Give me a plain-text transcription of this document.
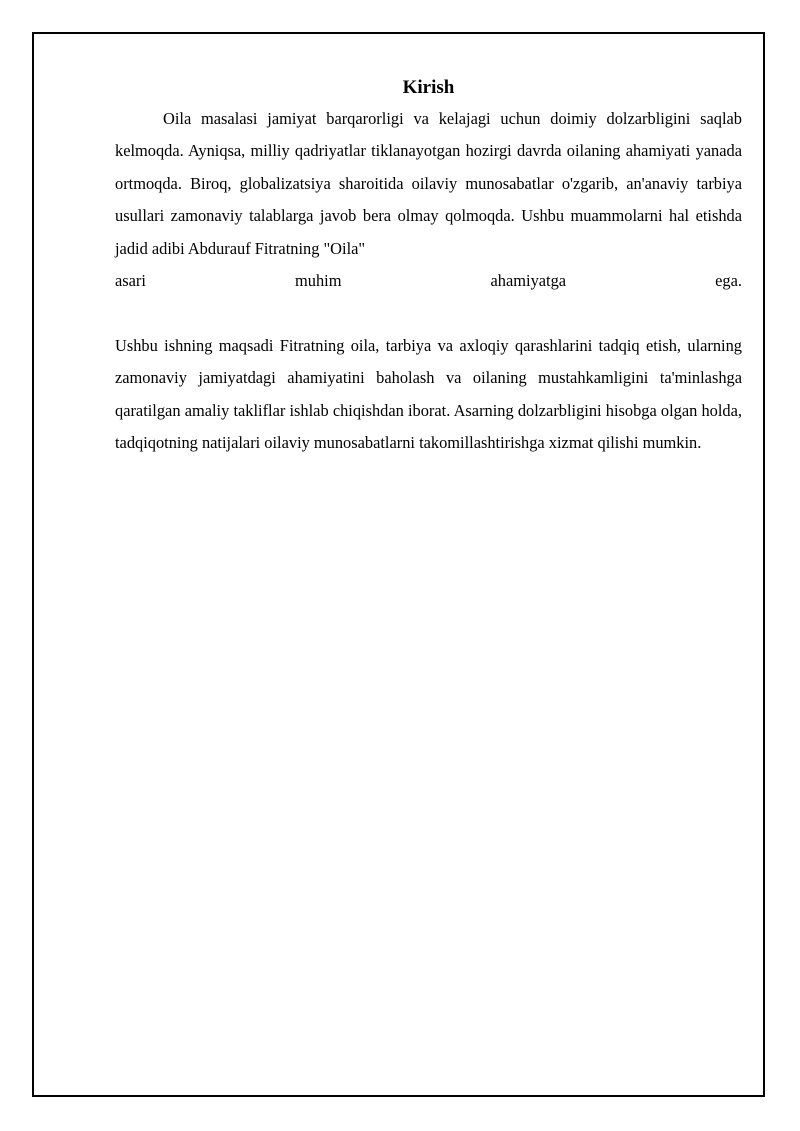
Kirish

Oila masalasi jamiyat barqarorligi va kelajagi uchun doimiy dolzarbligini saqlab kelmoqda. Ayniqsa, milliy qadriyatlar tiklanayotgan hozirgi davrda oilaning ahamiyati yanada ortmoqda. Biroq, globalizatsiya sharoitida oilaviy munosabatlar o'zgarib, an'anaviy tarbiya usullari zamonaviy talablarga javob bera olmay qolmoqda. Ushbu muammolarni hal etishda jadid adibi Abdurauf Fitratning "Oila"

asari	muhim	ahamiyatga	ega.

Ushbu ishning maqsadi Fitratning oila, tarbiya va axloqiy qarashlarini tadqiq etish, ularning zamonaviy jamiyatdagi ahamiyatini baholash va oilaning mustahkamligini ta'minlashga qaratilgan amaliy takliflar ishlab chiqishdan iborat. Asarning dolzarbligini hisobga olgan holda, tadqiqotning natijalari oilaviy munosabatlarni takomillashtirishga xizmat qilishi mumkin.
